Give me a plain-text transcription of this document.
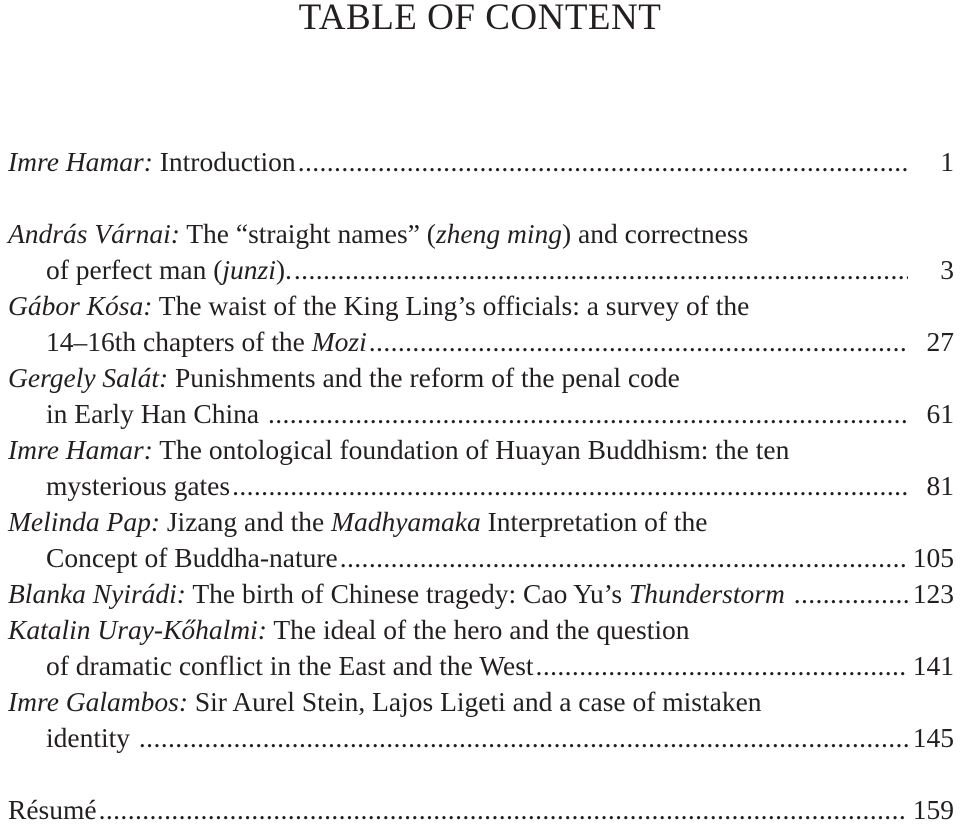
TABLE OF CONTENT
Imre Hamar: Introduction .....	1
András Várnai: The “straight names” (zheng ming) and correctness
of perfect man (junzi). .....	3
Gábor Kósa: The waist of the King Ling’s officials: a survey of the
14–16th chapters of the Mozi .....	27
Gergely Salát: Punishments and the reform of the penal code
in Early Han China .....	61
Imre Hamar: The ontological foundation of Huayan Buddhism: the ten
mysterious gates .....	81
Melinda Pap: Jizang and the Madhyamaka Interpretation of the
Concept of Buddha-nature .....	105
Blanka Nyirádi: The birth of Chinese tragedy: Cao Yu’s Thunderstorm .....	123
Katalin Uray-Kőhalmi: The ideal of the hero and the question
of dramatic conflict in the East and the West .....	141
Imre Galambos: Sir Aurel Stein, Lajos Ligeti and a case of mistaken
identity .....	145
Résumé .....	159
